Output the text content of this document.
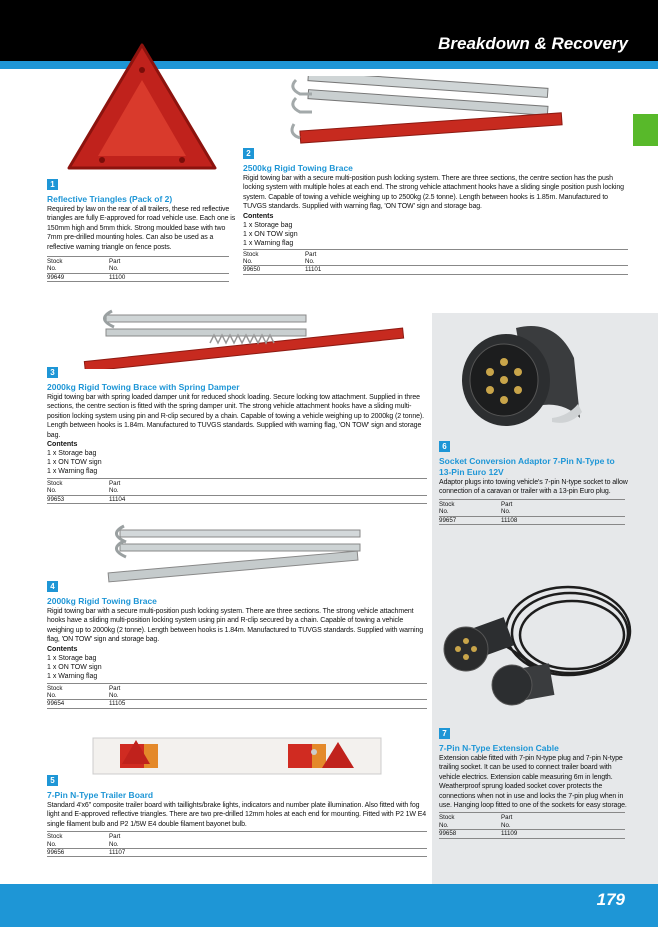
Breakdown & Recovery
1
Reflective Triangles (Pack of 2)
Required by law on the rear of all trailers, these red reflective triangles are fully E-approved for road vehicle use. Each one is 150mm high and 5mm thick. Strong moulded base with two 7mm pre-drilled mounting holes. Can also be used as a reflective warning triangle on fence posts.
Stock
No.	Part
No.
99649	11100
2
2500kg Rigid Towing Brace
Rigid towing bar with a secure multi-position push locking system. There are three sections, the centre section has the push locking system with multiple holes at each end. The strong vehicle attachment hooks have a sliding single position push locking system. Capable of towing a vehicle weighing up to 2500kg (2.5 tonne). Length between hooks is 1.85m. Manufactured to TUVGS standards. Supplied with warning flag, 'ON TOW' sign and storage bag.
Contents
1 x Storage bag
1 x ON TOW sign
1 x Warning flag
Stock
No.	Part
No.
99650	11101
3
2000kg Rigid Towing Brace with Spring Damper
Rigid towing bar with spring loaded damper unit for reduced shock loading. Secure locking tow attachment. Supplied in three sections, the centre section is fitted with the spring damper unit. The strong vehicle attachment hooks have a sliding multi-position locking system using pin and R-clip secured by a chain. Capable of towing a vehicle weighing up to 2000kg (2 tonne). Length between hooks is 1.84m. Manufactured to TUVGS standards. Supplied with warning flag, 'ON TOW' sign and storage bag.
Contents
1 x Storage bag
1 x ON TOW sign
1 x Warning flag
Stock
No.	Part
No.
99653	11104
4
2000kg Rigid Towing Brace
Rigid towing bar with a secure multi-position push locking system. There are three sections. The strong vehicle attachment hooks have a sliding multi-position locking system using pin and R-clip secured by a chain. Capable of towing a vehicle weighing up to 2000kg (2 tonne). Length between hooks is 1.84m. Manufactured to TUVGS standards. Supplied with warning flag, 'ON TOW' sign and storage bag.
Contents
1 x Storage bag
1 x ON TOW sign
1 x Warning flag
Stock
No.	Part
No.
99654	11105
5
7-Pin N-Type Trailer Board
Standard 4'x6" composite trailer board with taillights/brake lights, indicators and number plate illumination. Also fitted with fog light and E-approved reflective triangles. There are two pre-drilled 12mm holes at each end for mounting. Fitted with P2 1W E4 single filament bulb and P2 1/5W E4 double filament bayonet bulb.
Stock
No.	Part
No.
99656	11107
6
Socket Conversion Adaptor 7-Pin N-Type to 13-Pin Euro 12V
Adaptor plugs into towing vehicle's 7-pin N-type socket to allow connection of a caravan or trailer with a 13-pin Euro plug.
Stock
No.	Part
No.
99657	11108
7
7-Pin N-Type Extension Cable
Extension cable fitted with 7-pin N-type plug and 7-pin N-type trailing socket. It can be used to connect trailer board with vehicle electrics. Extension cable measuring 6m in length. Weatherproof sprung loaded socket cover protects the connections when not in use and locks the 7-pin plug when in use. Hanging loop fitted to one of the sockets for easy storage.
Stock
No.	Part
No.
99658	11109
179
